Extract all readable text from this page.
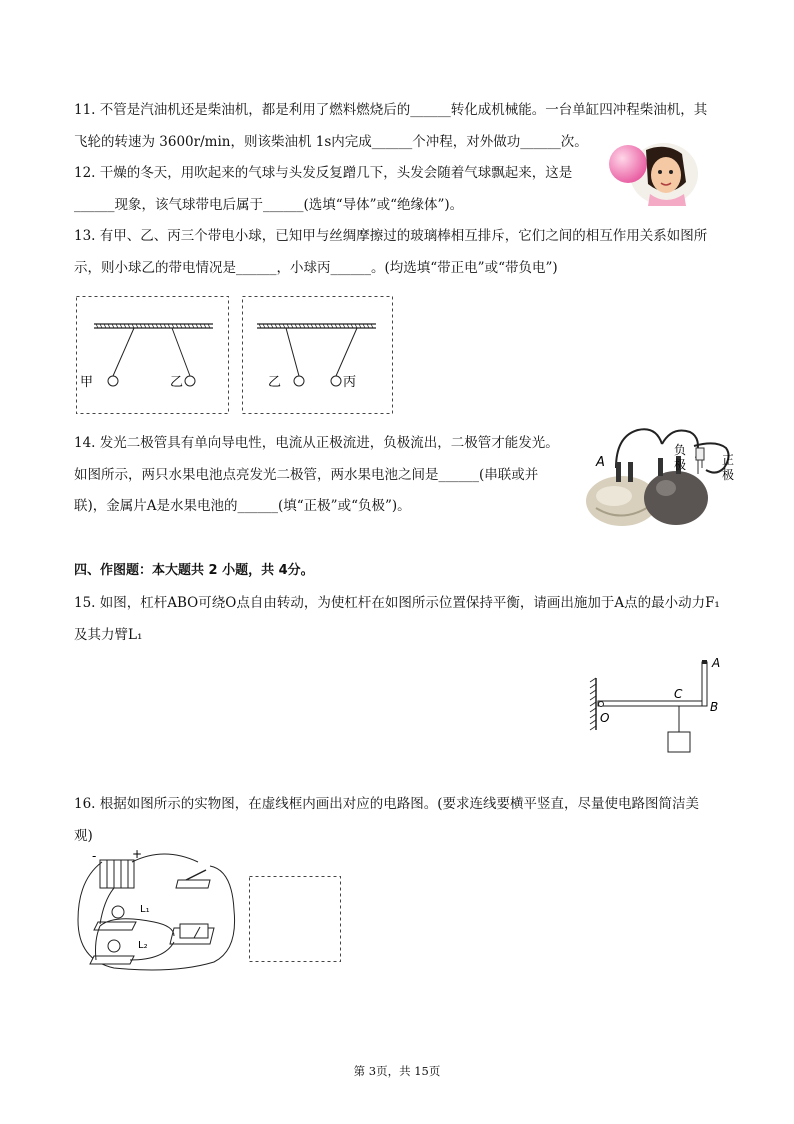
11. 不管是汽油机还是柴油机，都是利用了燃料燃烧后的______转化成机械能。一台单缸四冲程柴油机，其
飞轮的转速为 3600r/min，则该柴油机 1s内完成______个冲程，对外做功______次。
12. 干燥的冬天，用吹起来的气球与头发反复蹭几下，头发会随着气球飘起来，这是
______现象，该气球带电后属于______(选填“导体”或“绝缘体”)。
13. 有甲、乙、丙三个带电小球，已知甲与丝绸摩擦过的玻璃棒相互排斥，它们之间的相互作用关系如图所
示，则小球乙的带电情况是______，小球丙______。(均选填“带正电”或“带负电”)
甲	乙	乙	丙
14. 发光二极管具有单向导电性，电流从正极流进，负极流出，二极管才能发光。
如图所示，两只水果电池点亮发光二极管，两水果电池之间是______(串联或并
联)，金属片A是水果电池的______(填“正极”或“负极”)。
A
负
极	正
极
四、作图题：本大题共 2 小题，共 4分。
15. 如图，杠杆ABO可绕O点自由转动，为使杠杆在如图所示位置保持平衡，请画出施加于A点的最小动力F₁
及其力臂L₁
A
B
C
O
16. 根据如图所示的实物图，在虚线框内画出对应的电路图。(要求连线要横平竖直，尽量使电路图简洁美
观)
-	+
L₁
L₂
第 3页，共 15页
